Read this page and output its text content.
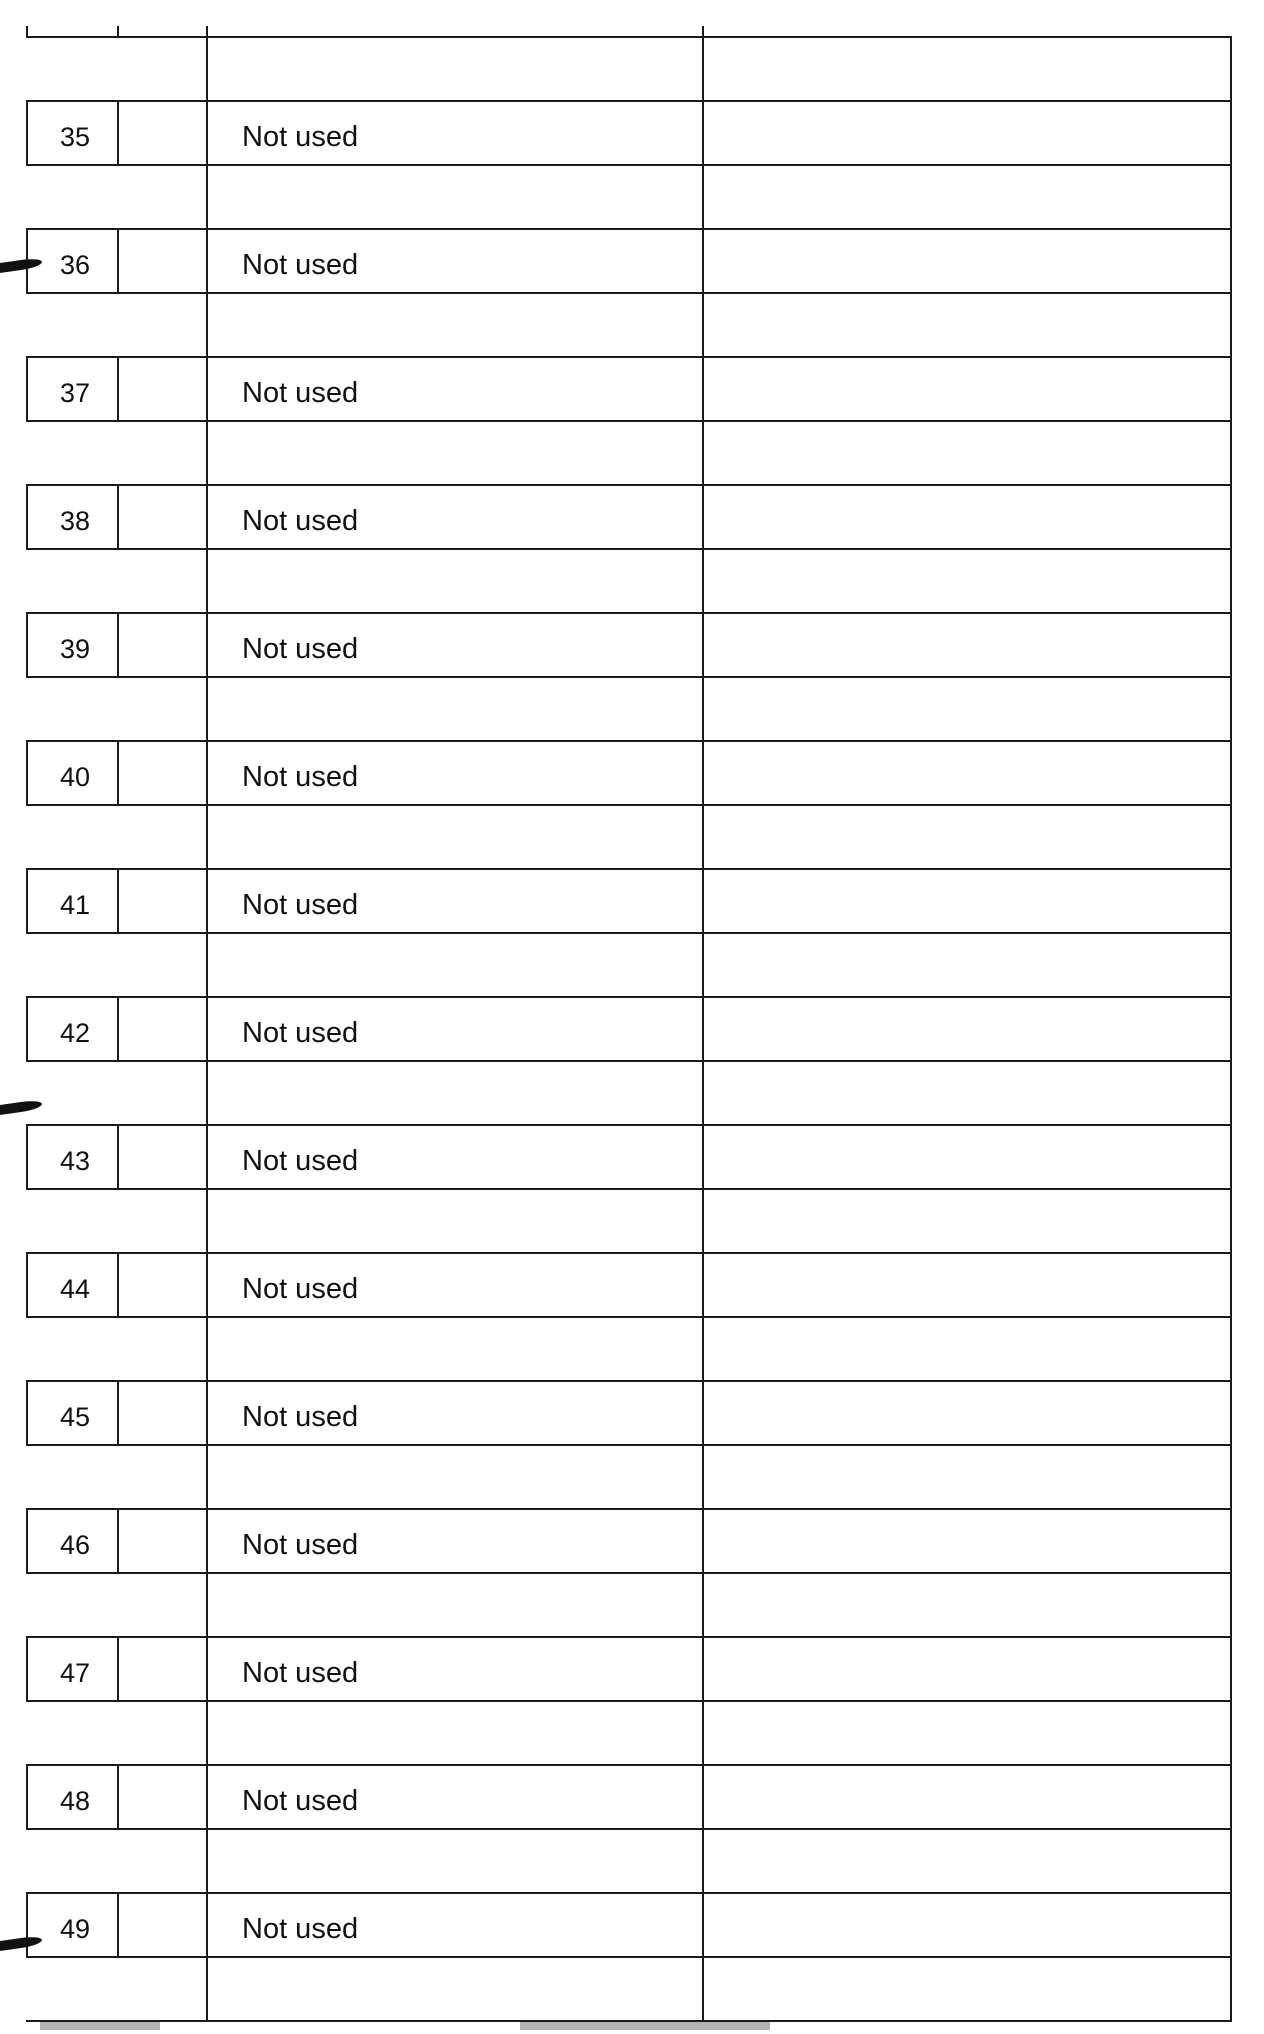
35	Not used
36	Not used
37	Not used
38	Not used
39	Not used
40	Not used
41	Not used
42	Not used
43	Not used
44	Not used
45	Not used
46	Not used
47	Not used
48	Not used
49	Not used
